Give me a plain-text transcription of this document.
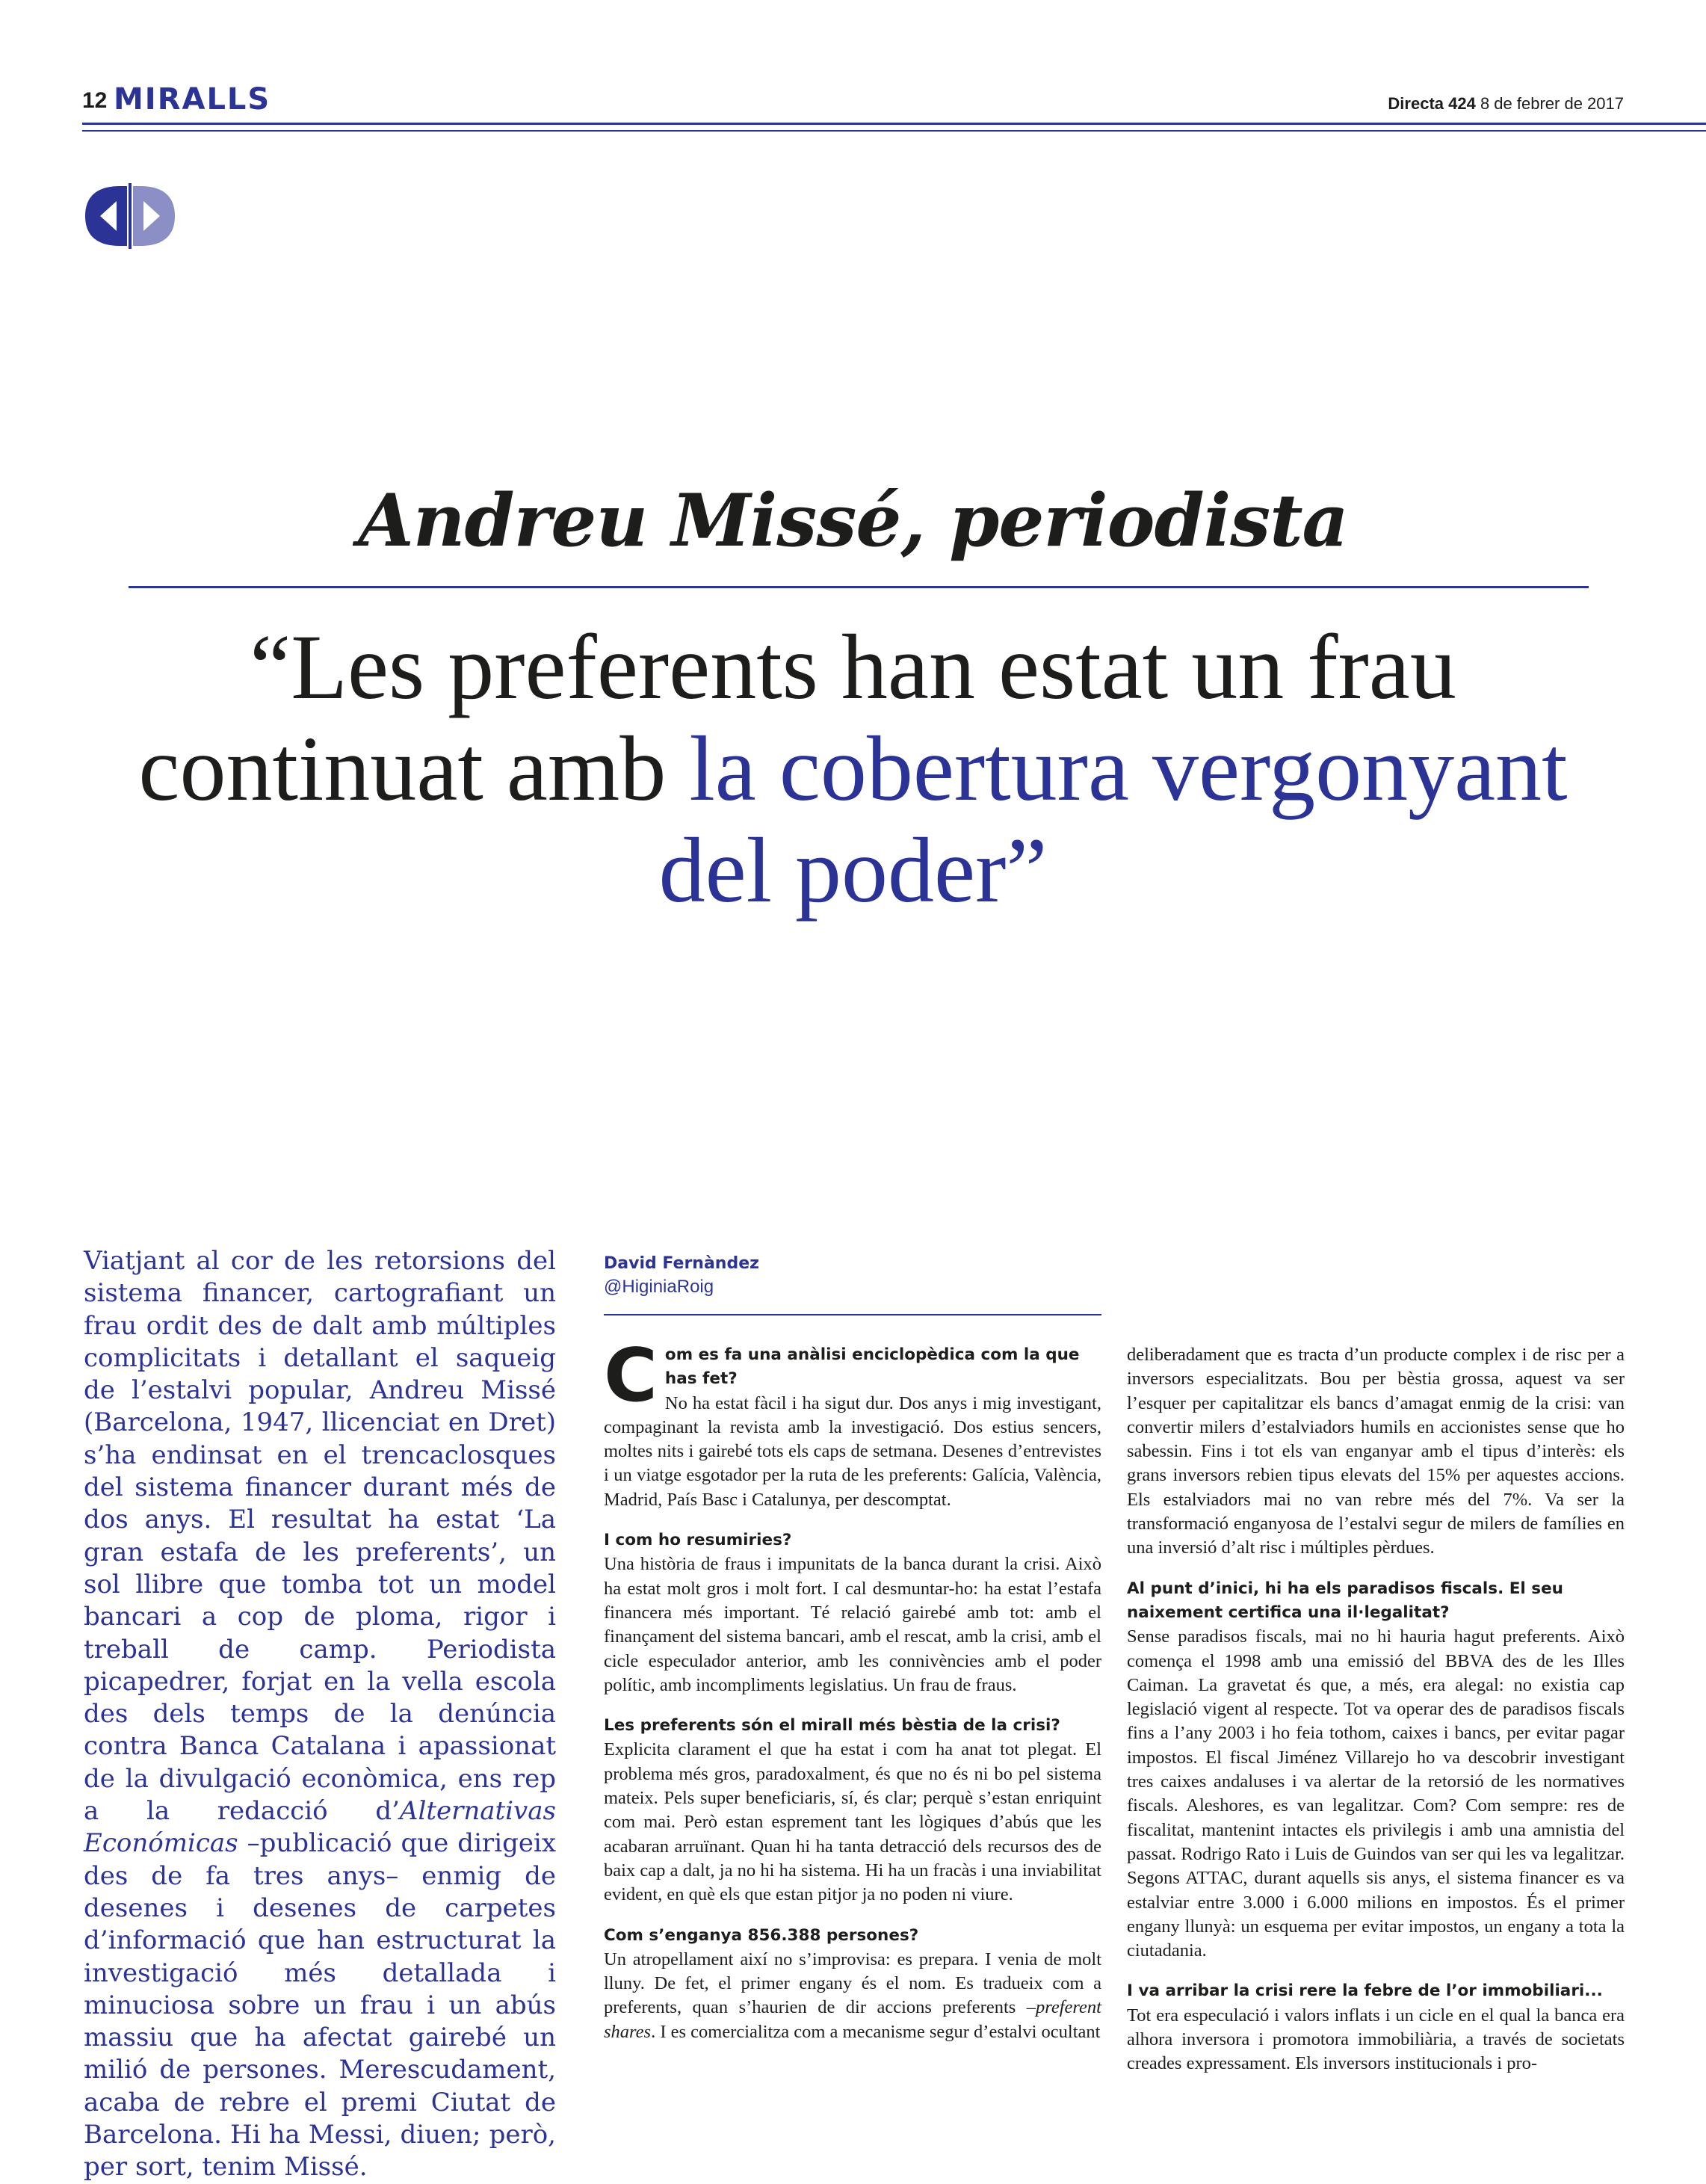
12 MIRALLS	Directa 424 8 de febrer de 2017
Andreu Missé, periodista
“Les preferents han estat un frau continuat amb la cobertura vergonyant del poder”
Viatjant al cor de les retorsions del sistema financer, cartografiant un frau ordit des de dalt amb múltiples complicitats i detallant el saqueig de l’estalvi popular, Andreu Missé (Barcelona, 1947, llicenciat en Dret) s’ha endinsat en el trencaclosques del sistema financer durant més de dos anys. El resultat ha estat ‘La gran estafa de les preferents’, un sol llibre que tomba tot un model bancari a cop de ploma, rigor i treball de camp. Periodista picapedrer, forjat en la vella escola des dels temps de la denúncia contra Banca Catalana i apassionat de la divulgació econòmica, ens rep a la redacció d’Alternativas Económicas –publicació que dirigeix des de fa tres anys– enmig de desenes i desenes de carpetes d’informació que han estructurat la investigació més detallada i minuciosa sobre un frau i un abús massiu que ha afectat gairebé un milió de persones. Merescudament, acaba de rebre el premi Ciutat de Barcelona. Hi ha Messi, diuen; però, per sort, tenim Missé.
David Fernàndez
@HiginiaRoig
C om es fa una anàlisi enciclopèdica com la que has fet?

No ha estat fàcil i ha sigut dur. Dos anys i mig investigant, compaginant la revista amb la investigació. Dos estius sencers, moltes nits i gairebé tots els caps de setmana. Desenes d’entrevistes i un viatge esgotador per la ruta de les preferents: Galícia, València, Madrid, País Basc i Catalunya, per descomptat.

I com ho resumiries?

Una història de fraus i impunitats de la banca durant la crisi. Això ha estat molt gros i molt fort. I cal desmuntar-ho: ha estat l’estafa financera més important. Té relació gairebé amb tot: amb el finançament del sistema bancari, amb el rescat, amb la crisi, amb el cicle especulador anterior, amb les connivències amb el poder polític, amb incompliments legislatius. Un frau de fraus.

Les preferents són el mirall més bèstia de la crisi?

Explicita clarament el que ha estat i com ha anat tot plegat. El problema més gros, paradoxalment, és que no és ni bo pel sistema mateix. Pels super beneficiaris, sí, és clar; perquè s’estan enriquint com mai. Però estan esprement tant les lògiques d’abús que les acabaran arruïnant. Quan hi ha tanta detracció dels recursos des de baix cap a dalt, ja no hi ha sistema. Hi ha un fracàs i una inviabilitat evident, en què els que estan pitjor ja no poden ni viure.

Com s’enganya 856.388 persones?

Un atropellament així no s’improvisa: es prepara. I venia de molt lluny. De fet, el primer engany és el nom. Es tradueix com a preferents, quan s’haurien de dir accions preferents –preferent shares. I es comercialitza com a mecanisme segur d’estalvi ocultant

deliberadament que es tracta d’un producte complex i de risc per a inversors especialitzats. Bou per bèstia grossa, aquest va ser l’esquer per capitalitzar els bancs d’amagat enmig de la crisi: van convertir milers d’estalviadors humils en accionistes sense que ho sabessin. Fins i tot els van enganyar amb el tipus d’interès: els grans inversors rebien tipus elevats del 15% per aquestes accions. Els estalviadors mai no van rebre més del 7%. Va ser la transformació enganyosa de l’estalvi segur de milers de famílies en una inversió d’alt risc i múltiples pèrdues.

Al punt d’inici, hi ha els paradisos fiscals. El seu naixement certifica una il·legalitat?

Sense paradisos fiscals, mai no hi hauria hagut preferents. Això comença el 1998 amb una emissió del BBVA des de les Illes Caiman. La gravetat és que, a més, era alegal: no existia cap legislació vigent al respecte. Tot va operar des de paradisos fiscals fins a l’any 2003 i ho feia tothom, caixes i bancs, per evitar pagar impostos. El fiscal Jiménez Villarejo ho va descobrir investigant tres caixes andaluses i va alertar de la retorsió de les normatives fiscals. Aleshores, es van legalitzar. Com? Com sempre: res de fiscalitat, mantenint intactes els privilegis i amb una amnistia del passat. Rodrigo Rato i Luis de Guindos van ser qui les va legalitzar. Segons ATTAC, durant aquells sis anys, el sistema financer es va estalviar entre 3.000 i 6.000 milions en impostos. És el primer engany llunyà: un esquema per evitar impostos, un engany a tota la ciutadania.

I va arribar la crisi rere la febre de l’or immobiliari...

Tot era especulació i valors inflats i un cicle en el qual la banca era alhora inversora i promotora immobiliària, a través de societats creades expressament. Els inversors institucionals i pro-
